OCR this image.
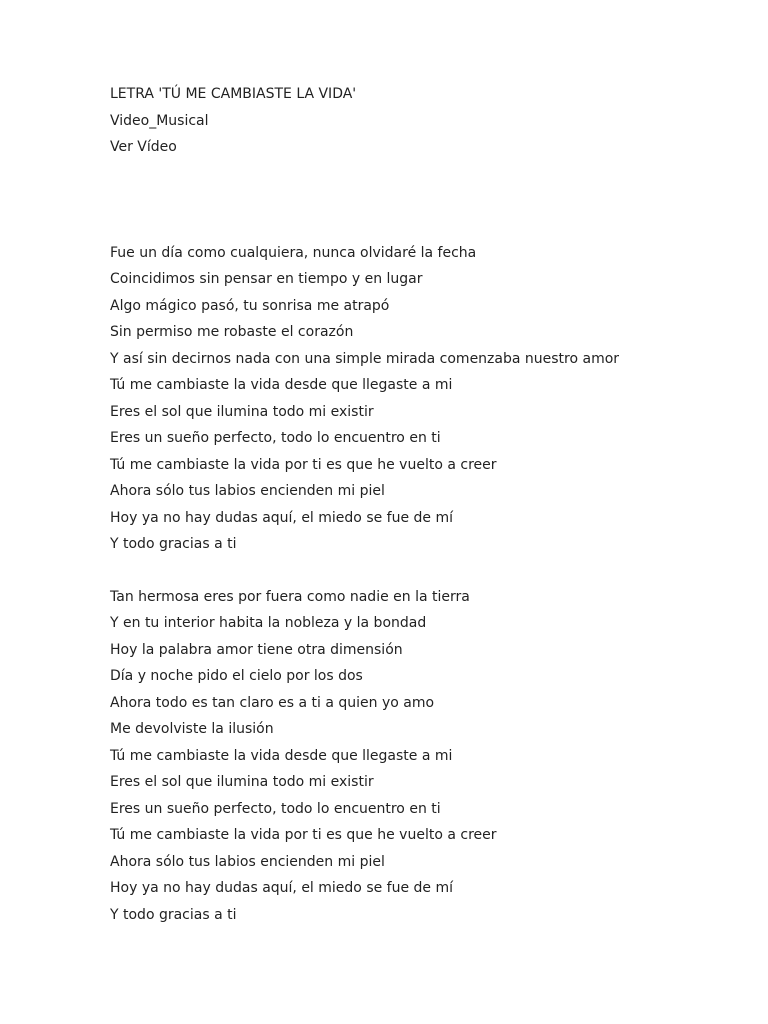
LETRA 'TÚ ME CAMBIASTE LA VIDA'

Video_Musical

Ver Vídeo

Fue un día como cualquiera, nunca olvidaré la fecha

Coincidimos sin pensar en tiempo y en lugar

Algo mágico pasó, tu sonrisa me atrapó

Sin permiso me robaste el corazón

Y así sin decirnos nada con una simple mirada comenzaba nuestro amor

Tú me cambiaste la vida desde que llegaste a mi

Eres el sol que ilumina todo mi existir

Eres un sueño perfecto, todo lo encuentro en ti

Tú me cambiaste la vida por ti es que he vuelto a creer

Ahora sólo tus labios encienden mi piel

Hoy ya no hay dudas aquí, el miedo se fue de mí

Y todo gracias a ti

Tan hermosa eres por fuera como nadie en la tierra

Y en tu interior habita la nobleza y la bondad

Hoy la palabra amor tiene otra dimensión

Día y noche pido el cielo por los dos

Ahora todo es tan claro es a ti a quien yo amo

Me devolviste la ilusión

Tú me cambiaste la vida desde que llegaste a mi

Eres el sol que ilumina todo mi existir

Eres un sueño perfecto, todo lo encuentro en ti

Tú me cambiaste la vida por ti es que he vuelto a creer

Ahora sólo tus labios encienden mi piel

Hoy ya no hay dudas aquí, el miedo se fue de mí

Y todo gracias a ti
